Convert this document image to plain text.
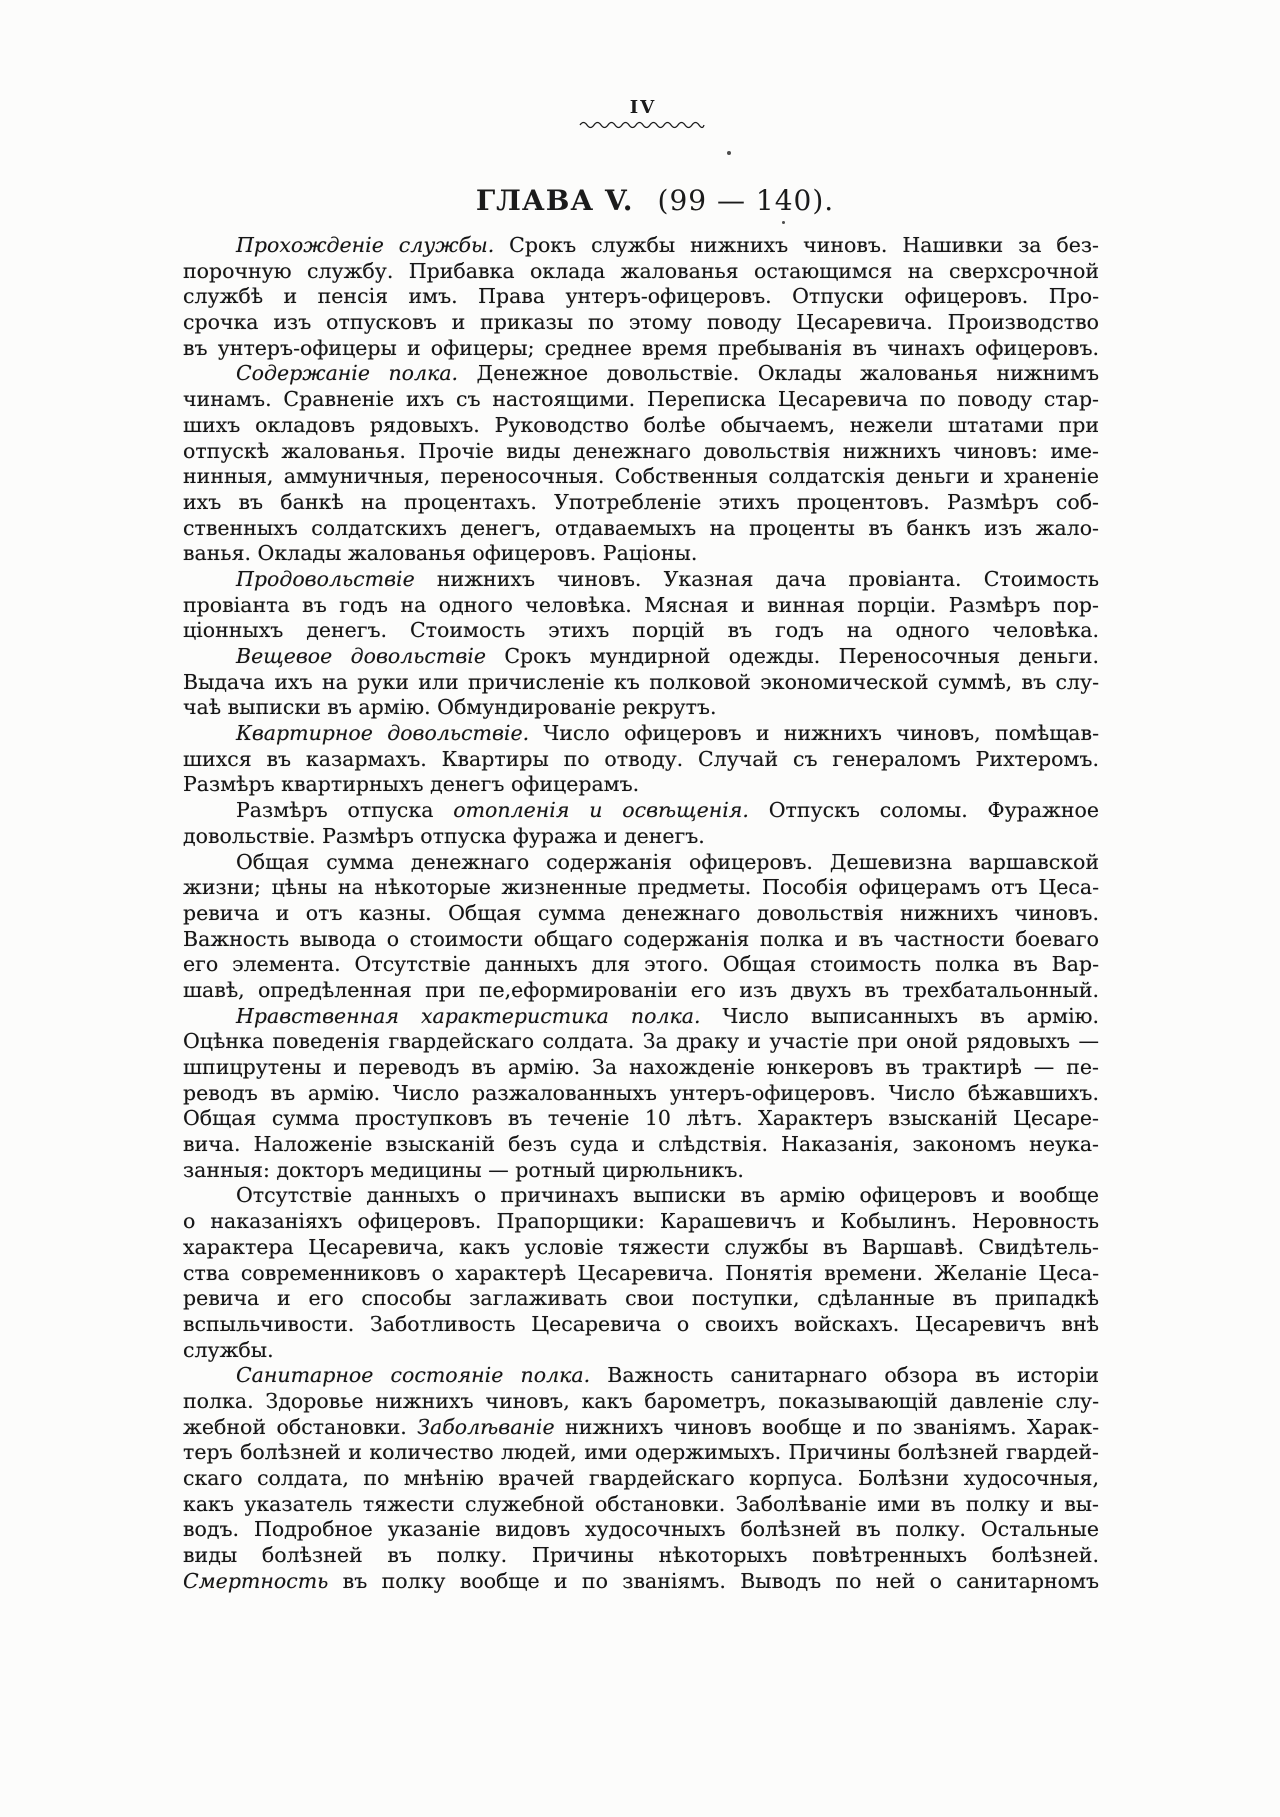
IV
ГЛАВА V. (99 — 140).
Прохожденіе службы. Срокъ службы нижнихъ чиновъ. Нашивки за без-
порочную службу. Прибавка оклада жалованья остающимся на сверхсрочной
службѣ и пенсія имъ. Права унтеръ-офицеровъ. Отпуски офицеровъ. Про-
срочка изъ отпусковъ и приказы по этому поводу Цесаревича. Производство
въ унтеръ-офицеры и офицеры; среднее время пребыванія въ чинахъ офицеровъ.
Содержаніе полка. Денежное довольствіе. Оклады жалованья нижнимъ
чинамъ. Сравненіе ихъ съ настоящими. Переписка Цесаревича по поводу стар-
шихъ окладовъ рядовыхъ. Руководство болѣе обычаемъ, нежели штатами при
отпускѣ жалованья. Прочіе виды денежнаго довольствія нижнихъ чиновъ: име-
нинныя, аммуничныя, переносочныя. Собственныя солдатскія деньги и храненіе
ихъ въ банкѣ на процентахъ. Употребленіе этихъ процентовъ. Размѣръ соб-
ственныхъ солдатскихъ денегъ, отдаваемыхъ на проценты въ банкъ изъ жало-
ванья. Оклады жалованья офицеровъ. Раціоны.
Продовольствіе нижнихъ чиновъ. Указная дача провіанта. Стоимость
провіанта въ годъ на одного человѣка. Мясная и винная порціи. Размѣръ пор-
ціонныхъ денегъ. Стоимость этихъ порцій въ годъ на одного человѣка.
Вещевое довольствіе Срокъ мундирной одежды. Переносочныя деньги.
Выдача ихъ на руки или причисленіе къ полковой экономической суммѣ, въ слу-
чаѣ выписки въ армію. Обмундированіе рекрутъ.
Квартирное довольствіе. Число офицеровъ и нижнихъ чиновъ, помѣщав-
шихся въ казармахъ. Квартиры по отводу. Случай съ генераломъ Рихтеромъ.
Размѣръ квартирныхъ денегъ офицерамъ.
Размѣръ отпуска отопленія и освѣщенія. Отпускъ соломы. Фуражное
довольствіе. Размѣръ отпуска фуража и денегъ.
Общая сумма денежнаго содержанія офицеровъ. Дешевизна варшавской
жизни; цѣны на нѣкоторые жизненные предметы. Пособія офицерамъ отъ Цеса-
ревича и отъ казны. Общая сумма денежнаго довольствія нижнихъ чиновъ.
Важность вывода о стоимости общаго содержанія полка и въ частности боеваго
его элемента. Отсутствіе данныхъ для этого. Общая стоимость полка въ Вар-
шавѣ, опредѣленная при пе,еформированіи его изъ двухъ въ трехбатальонный.
Нравственная характеристика полка. Число выписанныхъ въ армію.
Оцѣнка поведенія гвардейскаго солдата. За драку и участіе при оной рядовыхъ —
шпицрутены и переводъ въ армію. За нахожденіе юнкеровъ въ трактирѣ — пе-
реводъ въ армію. Число разжалованныхъ унтеръ-офицеровъ. Число бѣжавшихъ.
Общая сумма проступковъ въ теченіе 10 лѣтъ. Характеръ взысканій Цесаре-
вича. Наложеніе взысканій безъ суда и слѣдствія. Наказанія, закономъ неука-
занныя: докторъ медицины — ротный цирюльникъ.
Отсутствіе данныхъ о причинахъ выписки въ армію офицеровъ и вообще
о наказаніяхъ офицеровъ. Прапорщики: Карашевичъ и Кобылинъ. Неровность
характера Цесаревича, какъ условіе тяжести службы въ Варшавѣ. Свидѣтель-
ства современниковъ о характерѣ Цесаревича. Понятія времени. Желаніе Цеса-
ревича и его способы заглаживать свои поступки, сдѣланные въ припадкѣ
вспыльчивости. Заботливость Цесаревича о своихъ войскахъ. Цесаревичъ внѣ
службы.
Санитарное состояніе полка. Важность санитарнаго обзора въ исторіи
полка. Здоровье нижнихъ чиновъ, какъ барометръ, показывающій давленіе слу-
жебной обстановки. Заболѣваніе нижнихъ чиновъ вообще и по званіямъ. Харак-
теръ болѣзней и количество людей, ими одержимыхъ. Причины болѣзней гвардей-
скаго солдата, по мнѣнію врачей гвардейскаго корпуса. Болѣзни худосочныя,
какъ указатель тяжести служебной обстановки. Заболѣваніе ими въ полку и вы-
водъ. Подробное указаніе видовъ худосочныхъ болѣзней въ полку. Остальные
виды болѣзней въ полку. Причины нѣкоторыхъ повѣтренныхъ болѣзней.
Смертность въ полку вообще и по званіямъ. Выводъ по ней о санитарномъ
